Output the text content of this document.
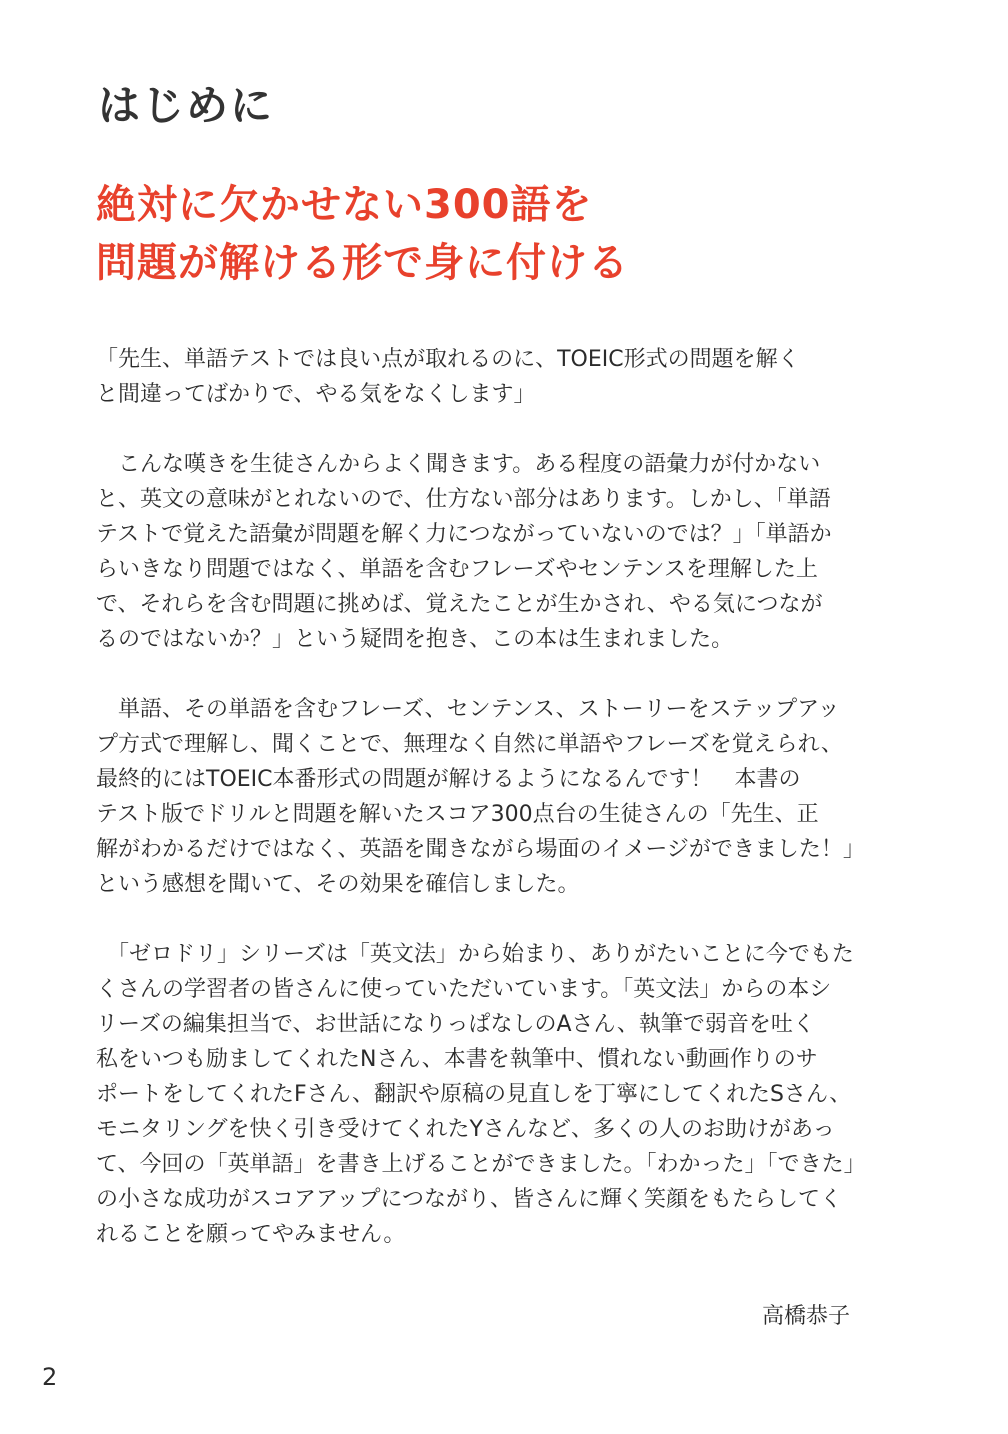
はじめに
絶対に欠かせない300語を
問題が解ける形で身に付ける

「先生、単語テストでは良い点が取れるのに、TOEIC形式の問題を解く
と間違ってばかりで、やる気をなくします」

　こんな嘆きを生徒さんからよく聞きます。ある程度の語彙力が付かない
と、英文の意味がとれないので、仕方ない部分はあります。しかし、「単語
テストで覚えた語彙が問題を解く力につながっていないのでは？」「単語か
らいきなり問題ではなく、単語を含むフレーズやセンテンスを理解した上
で、それらを含む問題に挑めば、覚えたことが生かされ、やる気につなが
るのではないか？」という疑問を抱き、この本は生まれました。

　単語、その単語を含むフレーズ、センテンス、ストーリーをステップアッ
プ方式で理解し、聞くことで、無理なく自然に単語やフレーズを覚えられ、
最終的にはTOEIC本番形式の問題が解けるようになるんです！　本書の
テスト版でドリルと問題を解いたスコア300点台の生徒さんの「先生、正
解がわかるだけではなく、英語を聞きながら場面のイメージができました！」
という感想を聞いて、その効果を確信しました。

　「ゼロドリ」シリーズは「英文法」から始まり、ありがたいことに今でもた
くさんの学習者の皆さんに使っていただいています。「英文法」からの本シ
リーズの編集担当で、お世話になりっぱなしのAさん、執筆で弱音を吐く
私をいつも励ましてくれたNさん、本書を執筆中、慣れない動画作りのサ
ポートをしてくれたFさん、翻訳や原稿の見直しを丁寧にしてくれたSさん、
モニタリングを快く引き受けてくれたYさんなど、多くの人のお助けがあっ
て、今回の「英単語」を書き上げることができました。「わかった」「できた」
の小さな成功がスコアアップにつながり、皆さんに輝く笑顔をもたらしてく
れることを願ってやみません。

高橋恭子
2
